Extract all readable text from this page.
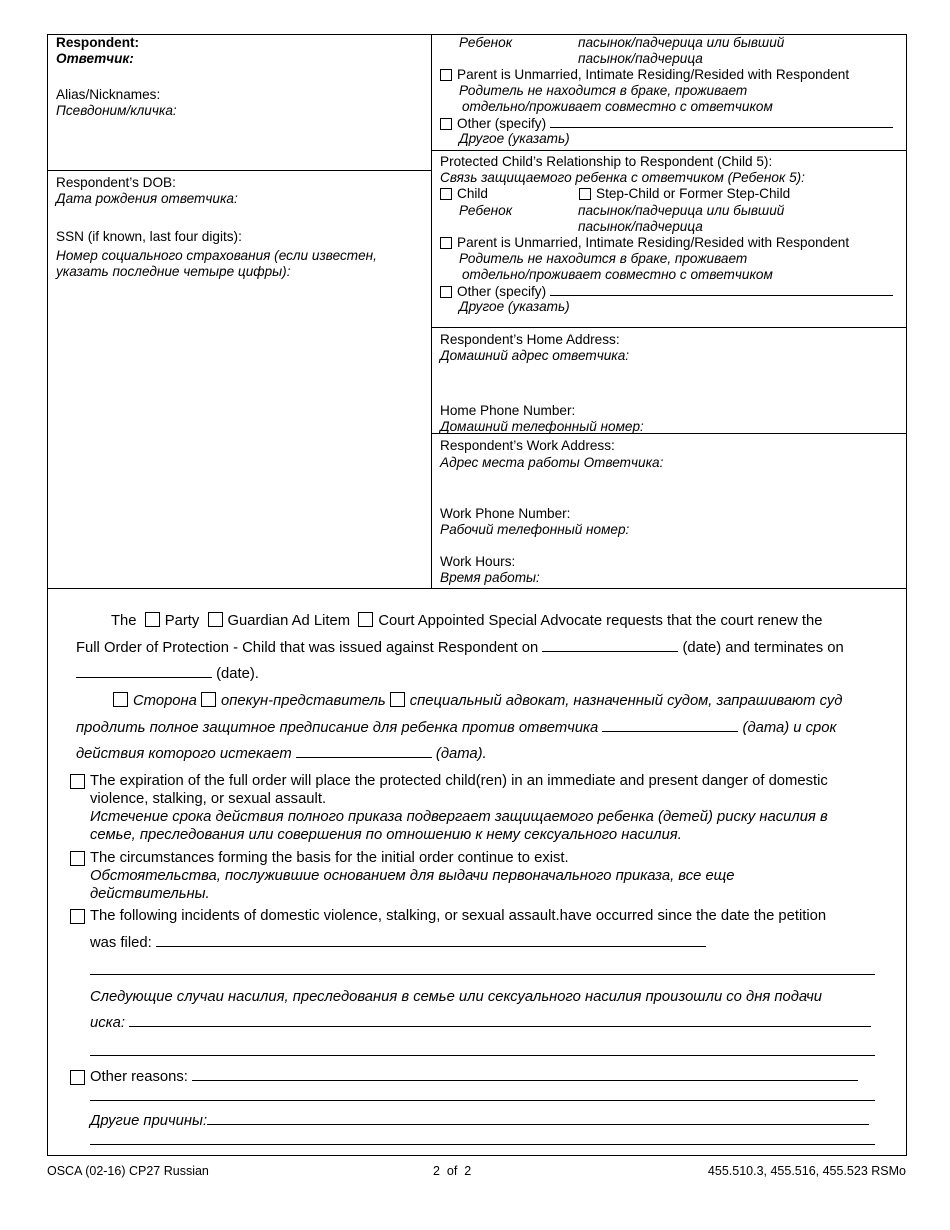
Respondent:
Ответчик:
Alias/Nicknames:
Псевдоним/кличка:
Respondent’s DOB:
Дата рождения ответчика:
SSN (if known, last four digits):
Номер социального страхования (если известен,
указать последние четыре цифры):
Ребенок	пасынок/падчерица или бывший
пасынок/падчерица
Parent is Unmarried, Intimate Residing/Resided with Respondent
Родитель не находится в браке, проживает
отдельно/проживает совместно с ответчиком
Other (specify)
Другое (указать)
Protected Child’s Relationship to Respondent (Child 5):
Связь защищаемого ребенка с ответчиком (Ребенок 5):
Child	Step-Child or Former Step-Child
Ребенок	пасынок/падчерица или бывший
пасынок/падчерица
Parent is Unmarried, Intimate Residing/Resided with Respondent
Родитель не находится в браке, проживает
отдельно/проживает совместно с ответчиком
Other (specify)
Другое (указать)
Respondent’s Home Address:
Домашний адрес ответчика:
Home Phone Number:
Домашний телефонный номер:
Respondent’s Work Address:
Адрес места работы Ответчика:
Work Phone Number:
Рабочий телефонный номер:
Work Hours:
Время работы:
The Party Guardian Ad Litem Court Appointed Special Advocate requests that the court renew the
Full Order of Protection - Child that was issued against Respondent on	(date) and terminates on
(date).
Сторона опекун-представитель специальный адвокат, назначенный судом, запрашивают суд
продлить полное защитное предписание для ребенка против ответчика	(дата) и срок
действия которого истекает	(дата).
The expiration of the full order will place the protected child(ren) in an immediate and present danger of domestic
violence, stalking, or sexual assault.
Истечение срока действия полного приказа подвергает защищаемого ребенка (детей) риску насилия в
семье, преследования или совершения по отношению к нему сексуального насилия.
The circumstances forming the basis for the initial order continue to exist.
Обстоятельства, послужившие основанием для выдачи первоначального приказа, все еще
действительны.
The following incidents of domestic violence, stalking, or sexual assault.have occurred since the date the petition
was filed:
Следующие случаи насилия, преследования в семье или сексуального насилия произошли со дня подачи
иска:
Other reasons:
Другие причины:
OSCA (02-16) CP27 Russian	2  of  2	455.510.3, 455.516, 455.523 RSMo
